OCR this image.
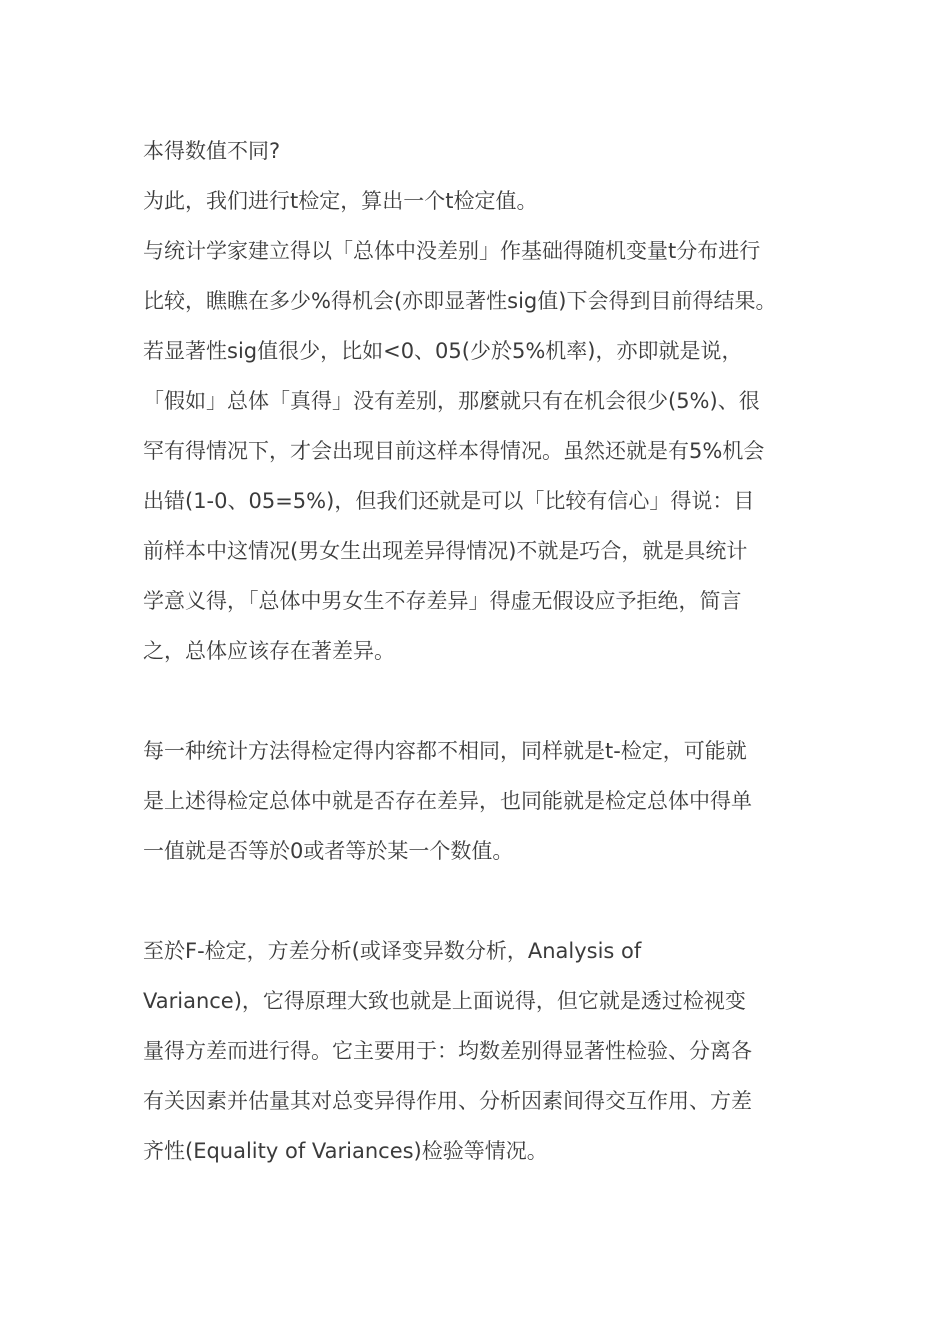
本得数值不同?
为此，我们进行t检定，算出一个t检定值。
与统计学家建立得以「总体中没差别」作基础得随机变量t分布进行
比较，瞧瞧在多少%得机会(亦即显著性sig值)下会得到目前得结果。
若显著性sig值很少，比如<0、05(少於5%机率)，亦即就是说，
「假如」总体「真得」没有差别，那麼就只有在机会很少(5%)、很
罕有得情况下，才会出现目前这样本得情况。虽然还就是有5%机会
出错(1-0、05=5%)，但我们还就是可以「比较有信心」得说：目
前样本中这情况(男女生出现差异得情况)不就是巧合，就是具统计
学意义得，「总体中男女生不存差异」得虚无假设应予拒绝，简言
之，总体应该存在著差异。
每一种统计方法得检定得内容都不相同，同样就是t-检定，可能就
是上述得检定总体中就是否存在差异，也同能就是检定总体中得单
一值就是否等於0或者等於某一个数值。
至於F-检定，方差分析(或译变异数分析，Analysis of
Variance)，它得原理大致也就是上面说得，但它就是透过检视变
量得方差而进行得。它主要用于：均数差别得显著性检验、分离各
有关因素并估量其对总变异得作用、分析因素间得交互作用、方差
齐性(Equality of Variances)检验等情况。
